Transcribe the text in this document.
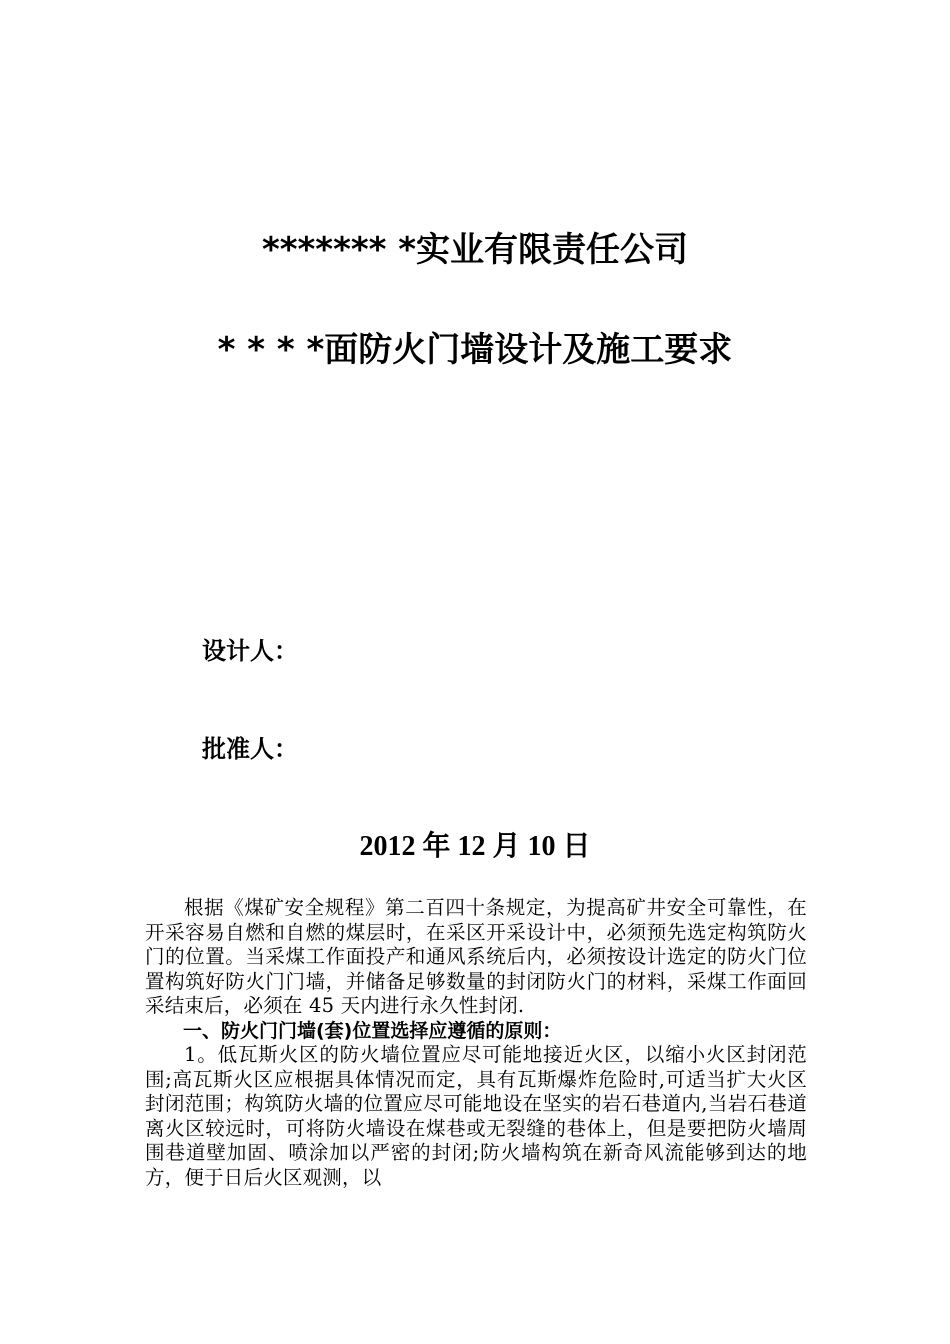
******* *实业有限责任公司
* * * *面防火门墙设计及施工要求
设计人：
批准人：
2012 年 12 月 10 日

根据《煤矿安全规程》第二百四十条规定，为提高矿井安全可靠性，在开采容易自燃和自燃的煤层时，在采区开采设计中，必须预先选定构筑防火门的位置。当采煤工作面投产和通风系统后内，必须按设计选定的防火门位置构筑好防火门门墙，并储备足够数量的封闭防火门的材料，采煤工作面回采结束后，必须在 45 天内进行永久性封闭.

一、防火门门墙(套)位置选择应遵循的原则：

1。低瓦斯火区的防火墙位置应尽可能地接近火区，以缩小火区封闭范围;高瓦斯火区应根据具体情况而定，具有瓦斯爆炸危险时,可适当扩大火区封闭范围；构筑防火墙的位置应尽可能地设在坚实的岩石巷道内,当岩石巷道离火区较远时，可将防火墙设在煤巷或无裂缝的巷体上，但是要把防火墙周围巷道壁加固、喷涂加以严密的封闭;防火墙构筑在新奇风流能够到达的地方，便于日后火区观测，以
